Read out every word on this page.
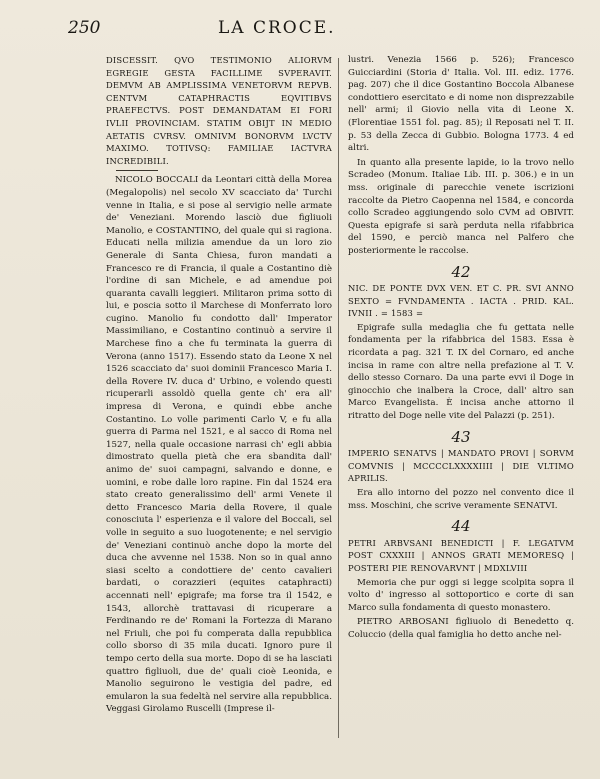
250	LA CROCE.

DISCESSIT. QVO TESTIMONIO ALIORVM EGREGIE GESTA FACILLIME SVPERAVIT. DEMVM AB AMPLISSIMA VENETORVM REPVB. CENTVM CATAPHRACTIS EQVITIBVS PRAEFECTVS. POST DEMANDATAM EI FORI IVLII PROVINCIAM. STATIM OBIJT IN MEDIO AETATIS CVRSV. OMNIVM BONORVM LVCTV MAXIMO. TOTIVSQ: FAMILIAE IACTVRA INCREDIBILI.

NICOLO BOCCALI da Leontari città della Morea (Megalopolis) nel secolo XV scacciato da' Turchi venne in Italia, e si pose al servigio nelle armate de' Veneziani. Morendo lasciò due figliuoli Manolio, e COSTANTINO, del quale qui si ragiona. Educati nella milizia amendue da un loro zio Generale di Santa Chiesa, furon mandati a Francesco re di Francia, il quale a Costantino diè l'ordine di san Michele, e ad amendue poi quaranta cavalli leggieri. Militaron prima sotto di lui, e poscia sotto il Marchese di Monferrato loro cugino. Manolio fu condotto dall' Imperator Massimiliano, e Costantino continuò a servire il Marchese fino a che fu terminata la guerra di Verona (anno 1517). Essendo stato da Leone X nel 1526 scacciato da' suoi dominii Francesco Maria I. della Rovere IV. duca d' Urbino, e volendo questi ricuperarli assoldò quella gente ch' era all' impresa di Verona, e quindi ebbe anche Costantino. Lo volle parimenti Carlo V, e fu alla guerra di Parma nel 1521, e al sacco di Roma nel 1527, nella quale occasione narrasi ch' egli abbia dimostrato quella pietà che era sbandita dall' animo de' suoi campagni, salvando e donne, e uomini, e robe dalle loro rapine. Fin dal 1524 era stato creato generalissimo dell' armi Venete il detto Francesco Maria della Rovere, il quale conosciuta l' esperienza e il valore del Boccali, sel volle in seguito a suo luogotenente; e nel servigio de' Veneziani continuò anche dopo la morte del duca che avvenne nel 1538. Non so in qual anno siasi scelto a condottiere de' cento cavalieri bardati, o corazzieri (equites cataphracti) accennati nell' epigrafe; ma forse tra il 1542, e 1543, allorchè trattavasi di ricuperare a Ferdinando re de' Romani la Fortezza di Marano nel Friuli, che poi fu comperata dalla repubblica collo sborso di 35 mila ducati. Ignoro pure il tempo certo della sua morte. Dopo di se ha lasciati quattro figliuoli, due de' quali cioè Leonida, e Manolio seguirono le vestigia del padre, ed emularon la sua fedeltà nel servire alla repubblica. Veggasi Girolamo Ruscelli (Imprese il-

lustri. Venezia 1566 p. 526); Francesco Guicciardini (Storia d' Italia. Vol. III. ediz. 1776. pag. 207) che il dice Gostantino Boccola Albanese condottiero esercitato e di nome non disprezzabile nell' armi; il Giovio nella vita di Leone X. (Florentiae 1551 fol. pag. 85); il Reposati nel T. II. p. 53 della Zecca di Gubbio. Bologna 1773. 4 ed altri.

In quanto alla presente lapide, io la trovo nello Scradeo (Monum. Italiae Lib. III. p. 306.) e in un mss. originale di parecchie venete iscrizioni raccolte da Pietro Caopenna nel 1584, e concorda collo Scradeo aggiungendo solo CVM ad OBIVIT. Questa epigrafe si sarà perduta nella rifabbrica del 1590, e perciò manca nel Palfero che posteriormente le raccolse.

42

NIC. DE PONTE DVX VEN. ET C. PR. SVI ANNO SEXTO = FVNDAMENTA . IACTA . PRID. KAL. IVNII . = 1583 =

Epigrafe sulla medaglia che fu gettata nelle fondamenta per la rifabbrica del 1583. Essa è ricordata a pag. 321 T. IX del Cornaro, ed anche incisa in rame con altre nella prefazione al T. V. dello stesso Cornaro. Da una parte evvi il Doge in ginocchio che inalbera la Croce, dall' altro san Marco Evangelista. È incisa anche attorno il ritratto del Doge nelle vite del Palazzi (p. 251).

43

IMPERIO SENATVS | MANDATO PROVI | SORVM COMVNIS | MCCCCLXXXXIIII | DIE VLTIMO APRILIS.

Era allo intorno del pozzo nel convento dice il mss. Moschini, che scrive veramente SENATVI.

44

PETRI ARBVSANI BENEDICTI | F. LEGATVM POST CXXXIII | ANNOS GRATI MEMORESQ | POSTERI PIE RENOVARVNT | MDXLVIII

Memoria che pur oggi si legge scolpita sopra il volto d' ingresso al sottoportico e corte di san Marco sulla fondamenta di questo monastero.

PIETRO ARBOSANI figliuolo di Benedetto q. Coluccio (della qual famiglia ho detto anche nel-
